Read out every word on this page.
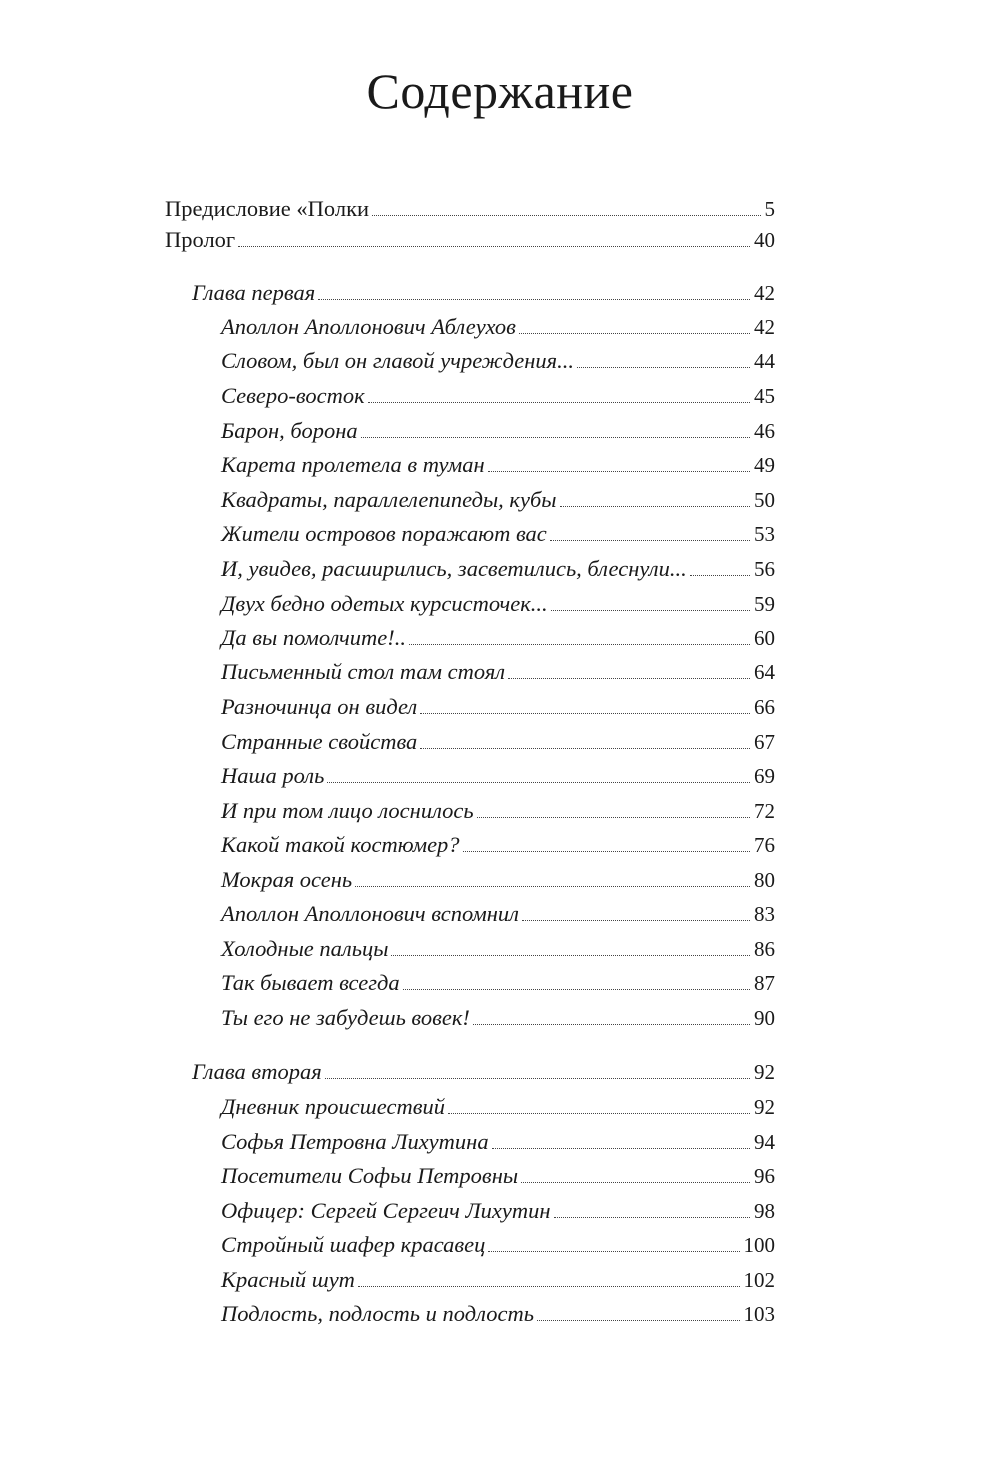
Содержание
Предисловие «Полки	5
Пролог	40
Глава первая	42
Аполлон Аполлонович Аблеухов	42
Словом, был он главой учреждения...	44
Северо-восток	45
Барон, борона	46
Карета пролетела в туман	49
Квадраты, параллелепипеды, кубы	50
Жители островов поражают вас	53
И, увидев, расширились, засветились, блеснули...	56
Двух бедно одетых курсисточек...	59
Да вы помолчите!..	60
Письменный стол там стоял	64
Разночинца он видел	66
Странные свойства	67
Наша роль	69
И при том лицо лоснилось	72
Какой такой костюмер?	76
Мокрая осень	80
Аполлон Аполлонович вспомнил	83
Холодные пальцы	86
Так бывает всегда	87
Ты его не забудешь вовек!	90
Глава вторая	92
Дневник происшествий	92
Софья Петровна Лихутина	94
Посетители Софьи Петровны	96
Офицер: Сергей Сергеич Лихутин	98
Стройный шафер красавец	100
Красный шут	102
Подлость, подлость и подлость	103
